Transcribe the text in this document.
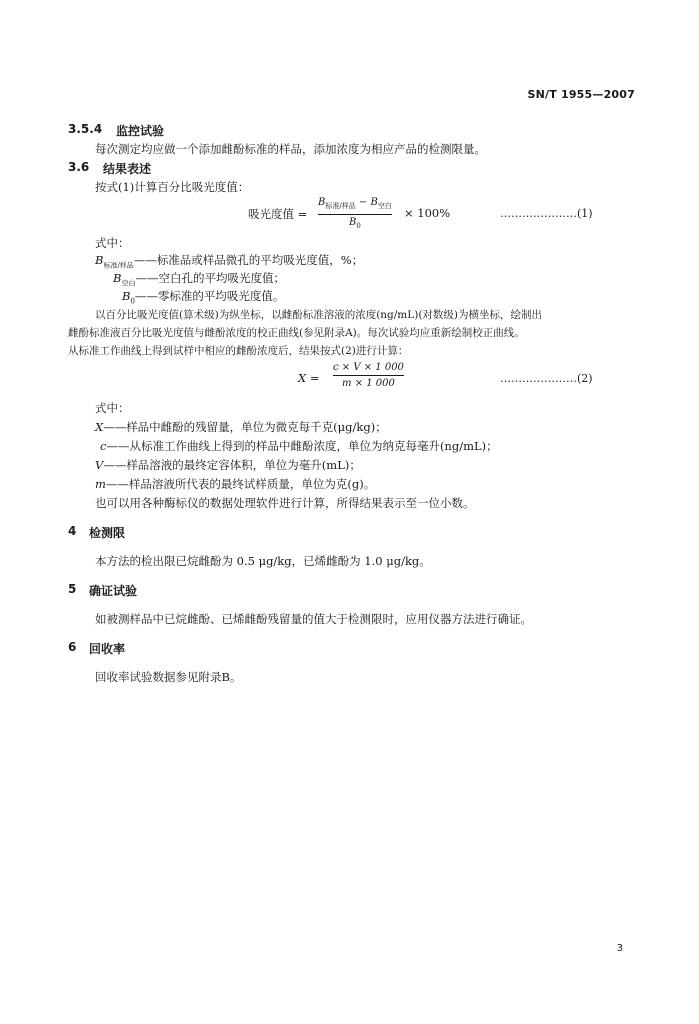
SN/T 1955—2007
3.5.4 监控试验
每次测定均应做一个添加雌酚标准的样品，添加浓度为相应产品的检测限量。
3.6 结果表述
按式(1)计算百分比吸光度值：
吸光度值 =
$B_{标准/样品} - B_{空白}$
$B_0$
× 100%	…………………(1)
式中：
$B_{标准/样品}——$标准品或样品微孔的平均吸光度值，%；
$B_{空白}——$空白孔的平均吸光度值；
$B_0——$零标准的平均吸光度值。
以百分比吸光度值(算术级)为纵坐标，以雌酚标准溶液的浓度(ng/mL)(对数级)为横坐标，绘制出
雌酚标准液百分比吸光度值与雌酚浓度的校正曲线(参见附录A)。每次试验均应重新绘制校正曲线。
从标准工作曲线上得到试样中相应的雌酚浓度后，结果按式(2)进行计算：
X =
c × V × 1 000
m × 1 000	…………………(2)
式中：
X——样品中雌酚的残留量，单位为微克每千克(μg/kg)；
c——从标准工作曲线上得到的样品中雌酚浓度，单位为纳克每毫升(ng/mL)；
V——样品溶液的最终定容体积，单位为毫升(mL)；
m——样品溶液所代表的最终试样质量，单位为克(g)。
也可以用各种酶标仪的数据处理软件进行计算，所得结果表示至一位小数。
4 检测限
本方法的检出限已烷雌酚为 0.5 μg/kg，已烯雌酚为 1.0 μg/kg。
5 确证试验
如被测样品中已烷雌酚、已烯雌酚残留量的值大于检测限时，应用仪器方法进行确证。
6 回收率
回收率试验数据参见附录B。
3
